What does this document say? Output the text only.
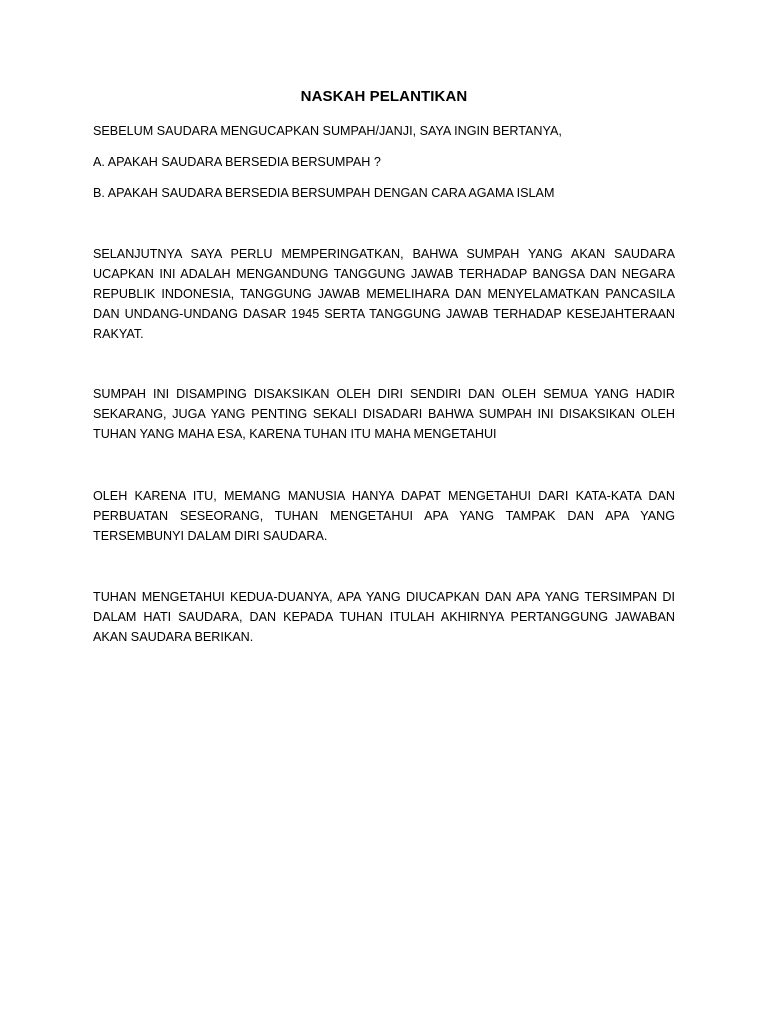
NASKAH PELANTIKAN
SEBELUM SAUDARA MENGUCAPKAN SUMPAH/JANJI, SAYA INGIN BERTANYA,
A. APAKAH SAUDARA BERSEDIA BERSUMPAH ?
B. APAKAH SAUDARA BERSEDIA BERSUMPAH DENGAN CARA AGAMA ISLAM
SELANJUTNYA SAYA PERLU MEMPERINGATKAN, BAHWA SUMPAH YANG AKAN SAUDARA UCAPKAN INI ADALAH MENGANDUNG TANGGUNG JAWAB TERHADAP BANGSA DAN NEGARA REPUBLIK INDONESIA, TANGGUNG JAWAB MEMELIHARA DAN MENYELAMATKAN PANCASILA DAN UNDANG-UNDANG DASAR 1945 SERTA TANGGUNG JAWAB TERHADAP KESEJAHTERAAN RAKYAT.
SUMPAH INI DISAMPING DISAKSIKAN OLEH DIRI SENDIRI DAN OLEH SEMUA YANG HADIR SEKARANG, JUGA YANG PENTING SEKALI DISADARI BAHWA SUMPAH INI DISAKSIKAN OLEH TUHAN YANG MAHA ESA, KARENA TUHAN ITU MAHA MENGETAHUI
OLEH KARENA ITU, MEMANG MANUSIA HANYA DAPAT MENGETAHUI DARI KATA-KATA DAN PERBUATAN SESEORANG, TUHAN MENGETAHUI APA YANG TAMPAK DAN APA YANG TERSEMBUNYI DALAM DIRI SAUDARA.
TUHAN MENGETAHUI KEDUA-DUANYA, APA YANG DIUCAPKAN DAN APA YANG TERSIMPAN DI DALAM HATI SAUDARA, DAN KEPADA TUHAN ITULAH AKHIRNYA PERTANGGUNG JAWABAN AKAN SAUDARA BERIKAN.
